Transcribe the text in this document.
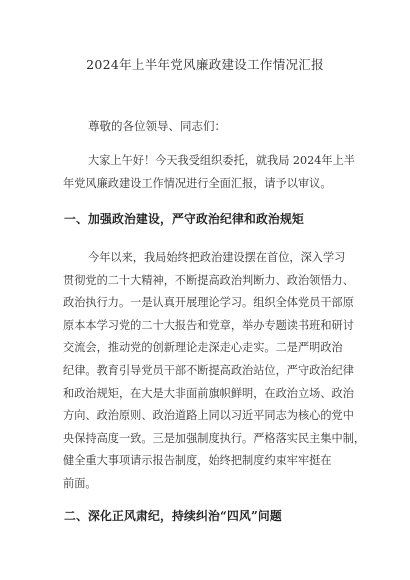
2024年上半年党风廉政建设工作情况汇报
尊敬的各位领导、同志们：
大家上午好！今天我受组织委托，就我局 2024年上半
年党风廉政建设工作情况进行全面汇报，请予以审议。
一、加强政治建设，严守政治纪律和政治规矩
今年以来，我局始终把政治建设摆在首位，深入学习
贯彻党的二十大精神，不断提高政治判断力、政治领悟力、
政治执行力。一是认真开展理论学习。组织全体党员干部原
原本本学习党的二十大报告和党章，举办专题读书班和研讨
交流会，推动党的创新理论走深走心走实。二是严明政治
纪律。教育引导党员干部不断提高政治站位，严守政治纪律
和政治规矩，在大是大非面前旗帜鲜明，在政治立场、政治
方向、政治原则、政治道路上同以习近平同志为核心的党中
央保持高度一致。三是加强制度执行。严格落实民主集中制，
健全重大事项请示报告制度，始终把制度约束牢牢挺在
前面。
二、深化正风肃纪，持续纠治“四风”问题
